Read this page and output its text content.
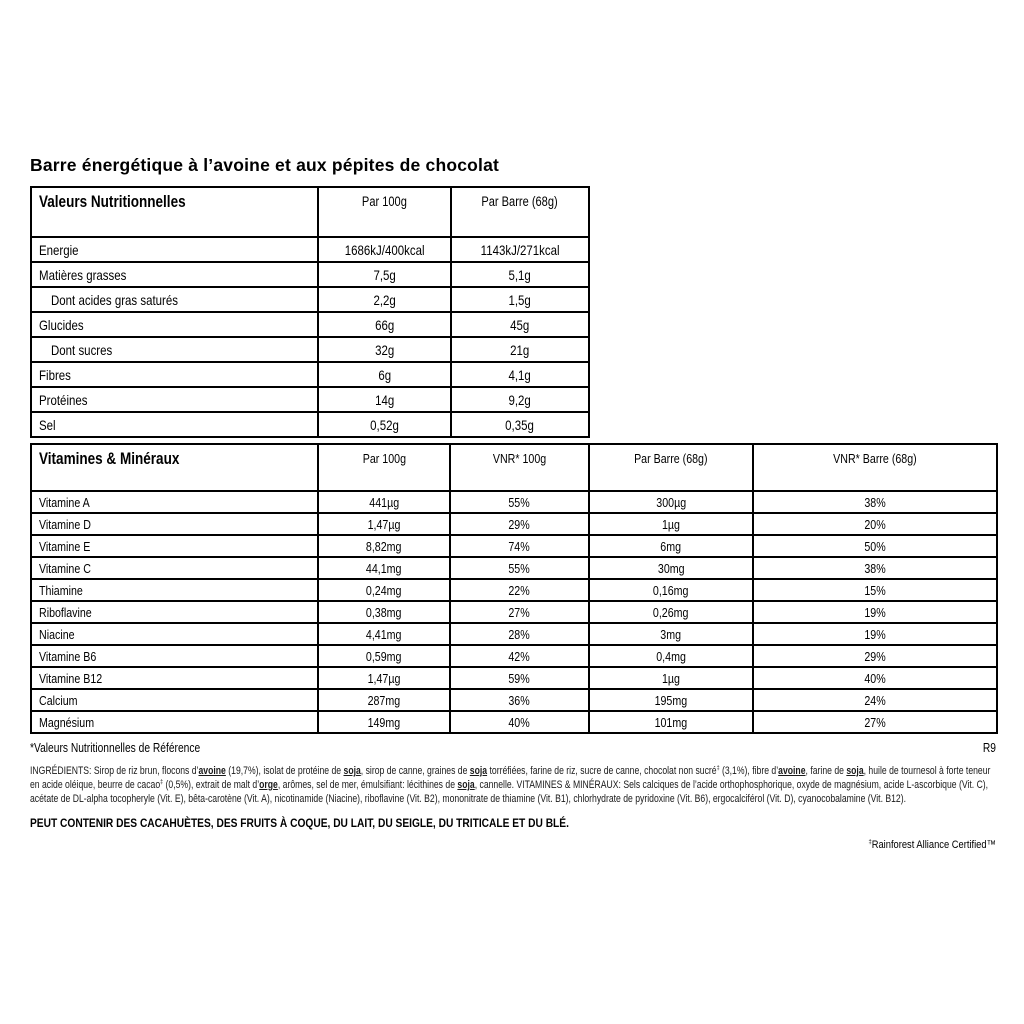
Barre énergétique à l’avoine et aux pépites de chocolat
Valeurs Nutritionnelles	Par 100g	Par Barre (68g)
Energie	1686kJ/400kcal	1143kJ/271kcal
Matières grasses	7,5g	5,1g
Dont acides gras saturés	2,2g	1,5g
Glucides	66g	45g
Dont sucres	32g	21g
Fibres	6g	4,1g
Protéines	14g	9,2g
Sel	0,52g	0,35g
Vitamines & Minéraux	Par 100g	VNR* 100g	Par Barre (68g)	VNR* Barre (68g)
Vitamine A	441µg	55%	300µg	38%
Vitamine D	1,47µg	29%	1µg	20%
Vitamine E	8,82mg	74%	6mg	50%
Vitamine C	44,1mg	55%	30mg	38%
Thiamine	0,24mg	22%	0,16mg	15%
Riboflavine	0,38mg	27%	0,26mg	19%
Niacine	4,41mg	28%	3mg	19%
Vitamine B6	0,59mg	42%	0,4mg	29%
Vitamine B12	1,47µg	59%	1µg	40%
Calcium	287mg	36%	195mg	24%
Magnésium	149mg	40%	101mg	27%
*Valeurs Nutritionnelles de Référence	R9

INGRÉDIENTS: Sirop de riz brun, flocons d’avoine (19,7%), isolat de protéine de soja, sirop de canne, graines de soja torréfiées, farine de riz, sucre de canne, chocolat non sucré‡ (3,1%), fibre d’avoine, farine de soja, huile de tournesol à forte teneur en acide oléique, beurre de cacao‡ (0,5%), extrait de malt d’orge, arômes, sel de mer, émulsifiant: lécithines de soja, cannelle. VITAMINES & MINÉRAUX: Sels calciques de l’acide orthophosphorique, oxyde de magnésium, acide L-ascorbique (Vit. C), acétate de DL-alpha tocopheryle (Vit. E), bêta-carotène (Vit. A), nicotinamide (Niacine), riboflavine (Vit. B2), mononitrate de thiamine (Vit. B1), chlorhydrate de pyridoxine (Vit. B6), ergocalciférol (Vit. D), cyanocobalamine (Vit. B12).

PEUT CONTENIR DES CACAHUÈTES, DES FRUITS À COQUE, DU LAIT, DU SEIGLE, DU TRITICALE ET DU BLÉ.

‡Rainforest Alliance Certified™
